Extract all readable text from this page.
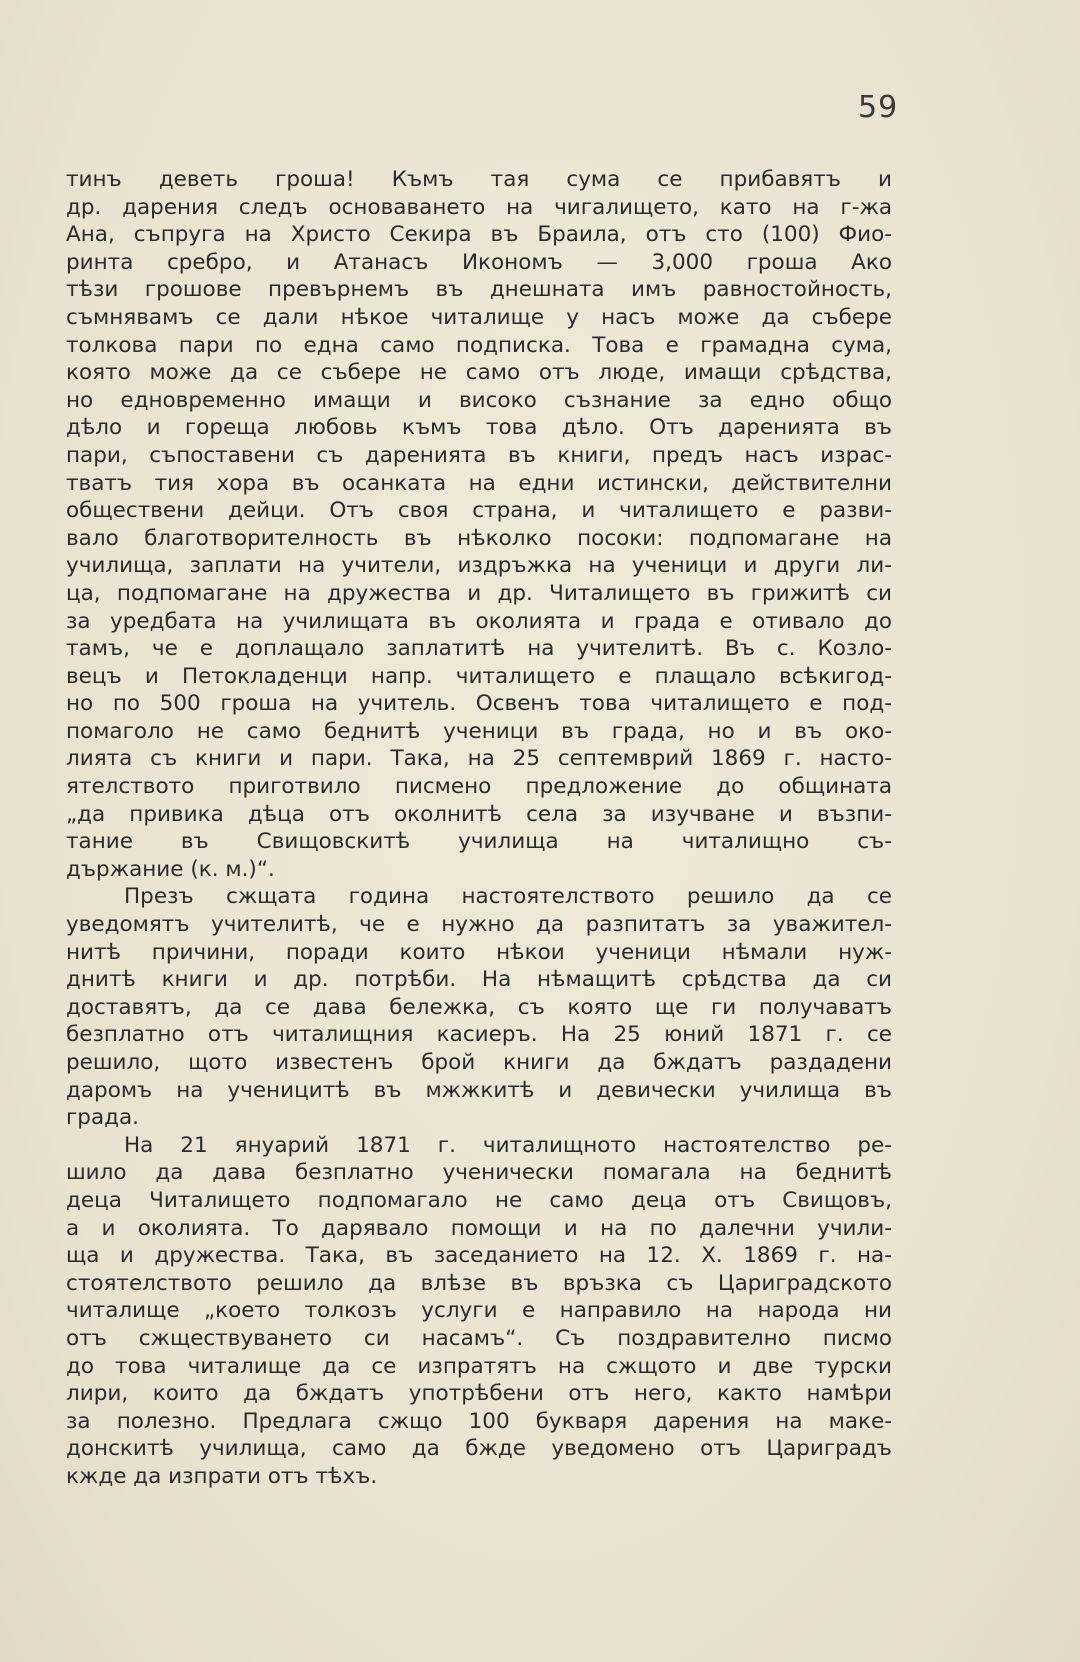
59
тинъ деветь гроша! Къмъ тая сума се прибавятъ и
др. дарения следъ основаването на чигалището, като на г-жа
Ана, съпруга на Христо Секира въ Браила, отъ сто (100) Фио-
ринта сребро, и Атанасъ Икономъ — 3,000 гроша Ако
тѣзи грошове превърнемъ въ днешната имъ равностойность,
съмнявамъ се дали нѣкое читалище у насъ може да събере
толкова пари по една само подписка. Това е грамадна сума,
която може да се събере не само отъ люде, имащи срѣдства,
но едновременно имащи и високо съзнание за едно общо
дѣло и гореща любовь къмъ това дѣло. Отъ даренията въ
пари, съпоставени съ даренията въ книги, предъ насъ израс-
тватъ тия хора въ осанката на едни истински, действителни
обществени дейци. Отъ своя страна, и читалището е разви-
вало благотворителность въ нѣколко посоки: подпомагане на
училища, заплати на учители, издръжка на ученици и други ли-
ца, подпомагане на дружества и др. Читалището въ грижитѣ си
за уредбата на училищата въ околията и града е отивало до
тамъ, че е доплащало заплатитѣ на учителитѣ. Въ с. Козло-
вецъ и Петокладенци напр. читалището е плащало всѣкигод-
но по 500 гроша на учитель. Освенъ това читалището е под-
помаголо не само беднитѣ ученици въ града, но и въ око-
лията съ книги и пари. Така, на 25 септемврий 1869 г. насто-
ятелството приготвило писмено предложение до общината
„да привика дѣца отъ околнитѣ села за изучване и възпи-
тание въ Свищовскитѣ училища на читалищно съ-
държание (к. м.)“.
Презъ сжщата година настоятелството решило да се
уведомятъ учителитѣ, че е нужно да разпитатъ за уважител-
нитѣ причини, поради които нѣкои ученици нѣмали нуж-
днитѣ книги и др. потрѣби. На нѣмащитѣ срѣдства да си
доставятъ, да се дава бележка, съ която ще ги получаватъ
безплатно отъ читалищния касиеръ. На 25 юний 1871 г. се
решило, щото известенъ брой книги да бждатъ раздадени
даромъ на ученицитѣ въ мжжкитѣ и девически училища въ
града.
На 21 януарий 1871 г. читалищното настоятелство ре-
шило да дава безплатно ученически помагала на беднитѣ
деца Читалището подпомагало не само деца отъ Свищовъ,
а и околията. То дарявало помощи и на по далечни учили-
ща и дружества. Така, въ заседанието на 12. X. 1869 г. на-
стоятелството решило да влѣзе въ връзка съ Цариградското
читалище „което толкозъ услуги е направило на народа ни
отъ сжществуването си насамъ“. Съ поздравително писмо
до това читалище да се изпратятъ на сжщото и две турски
лири, които да бждатъ употрѣбени отъ него, както намѣри
за полезно. Предлага сжщо 100 букваря дарения на маке-
донскитѣ училища, само да бжде уведомено отъ Цариградъ
кжде да изпрати отъ тѣхъ.
